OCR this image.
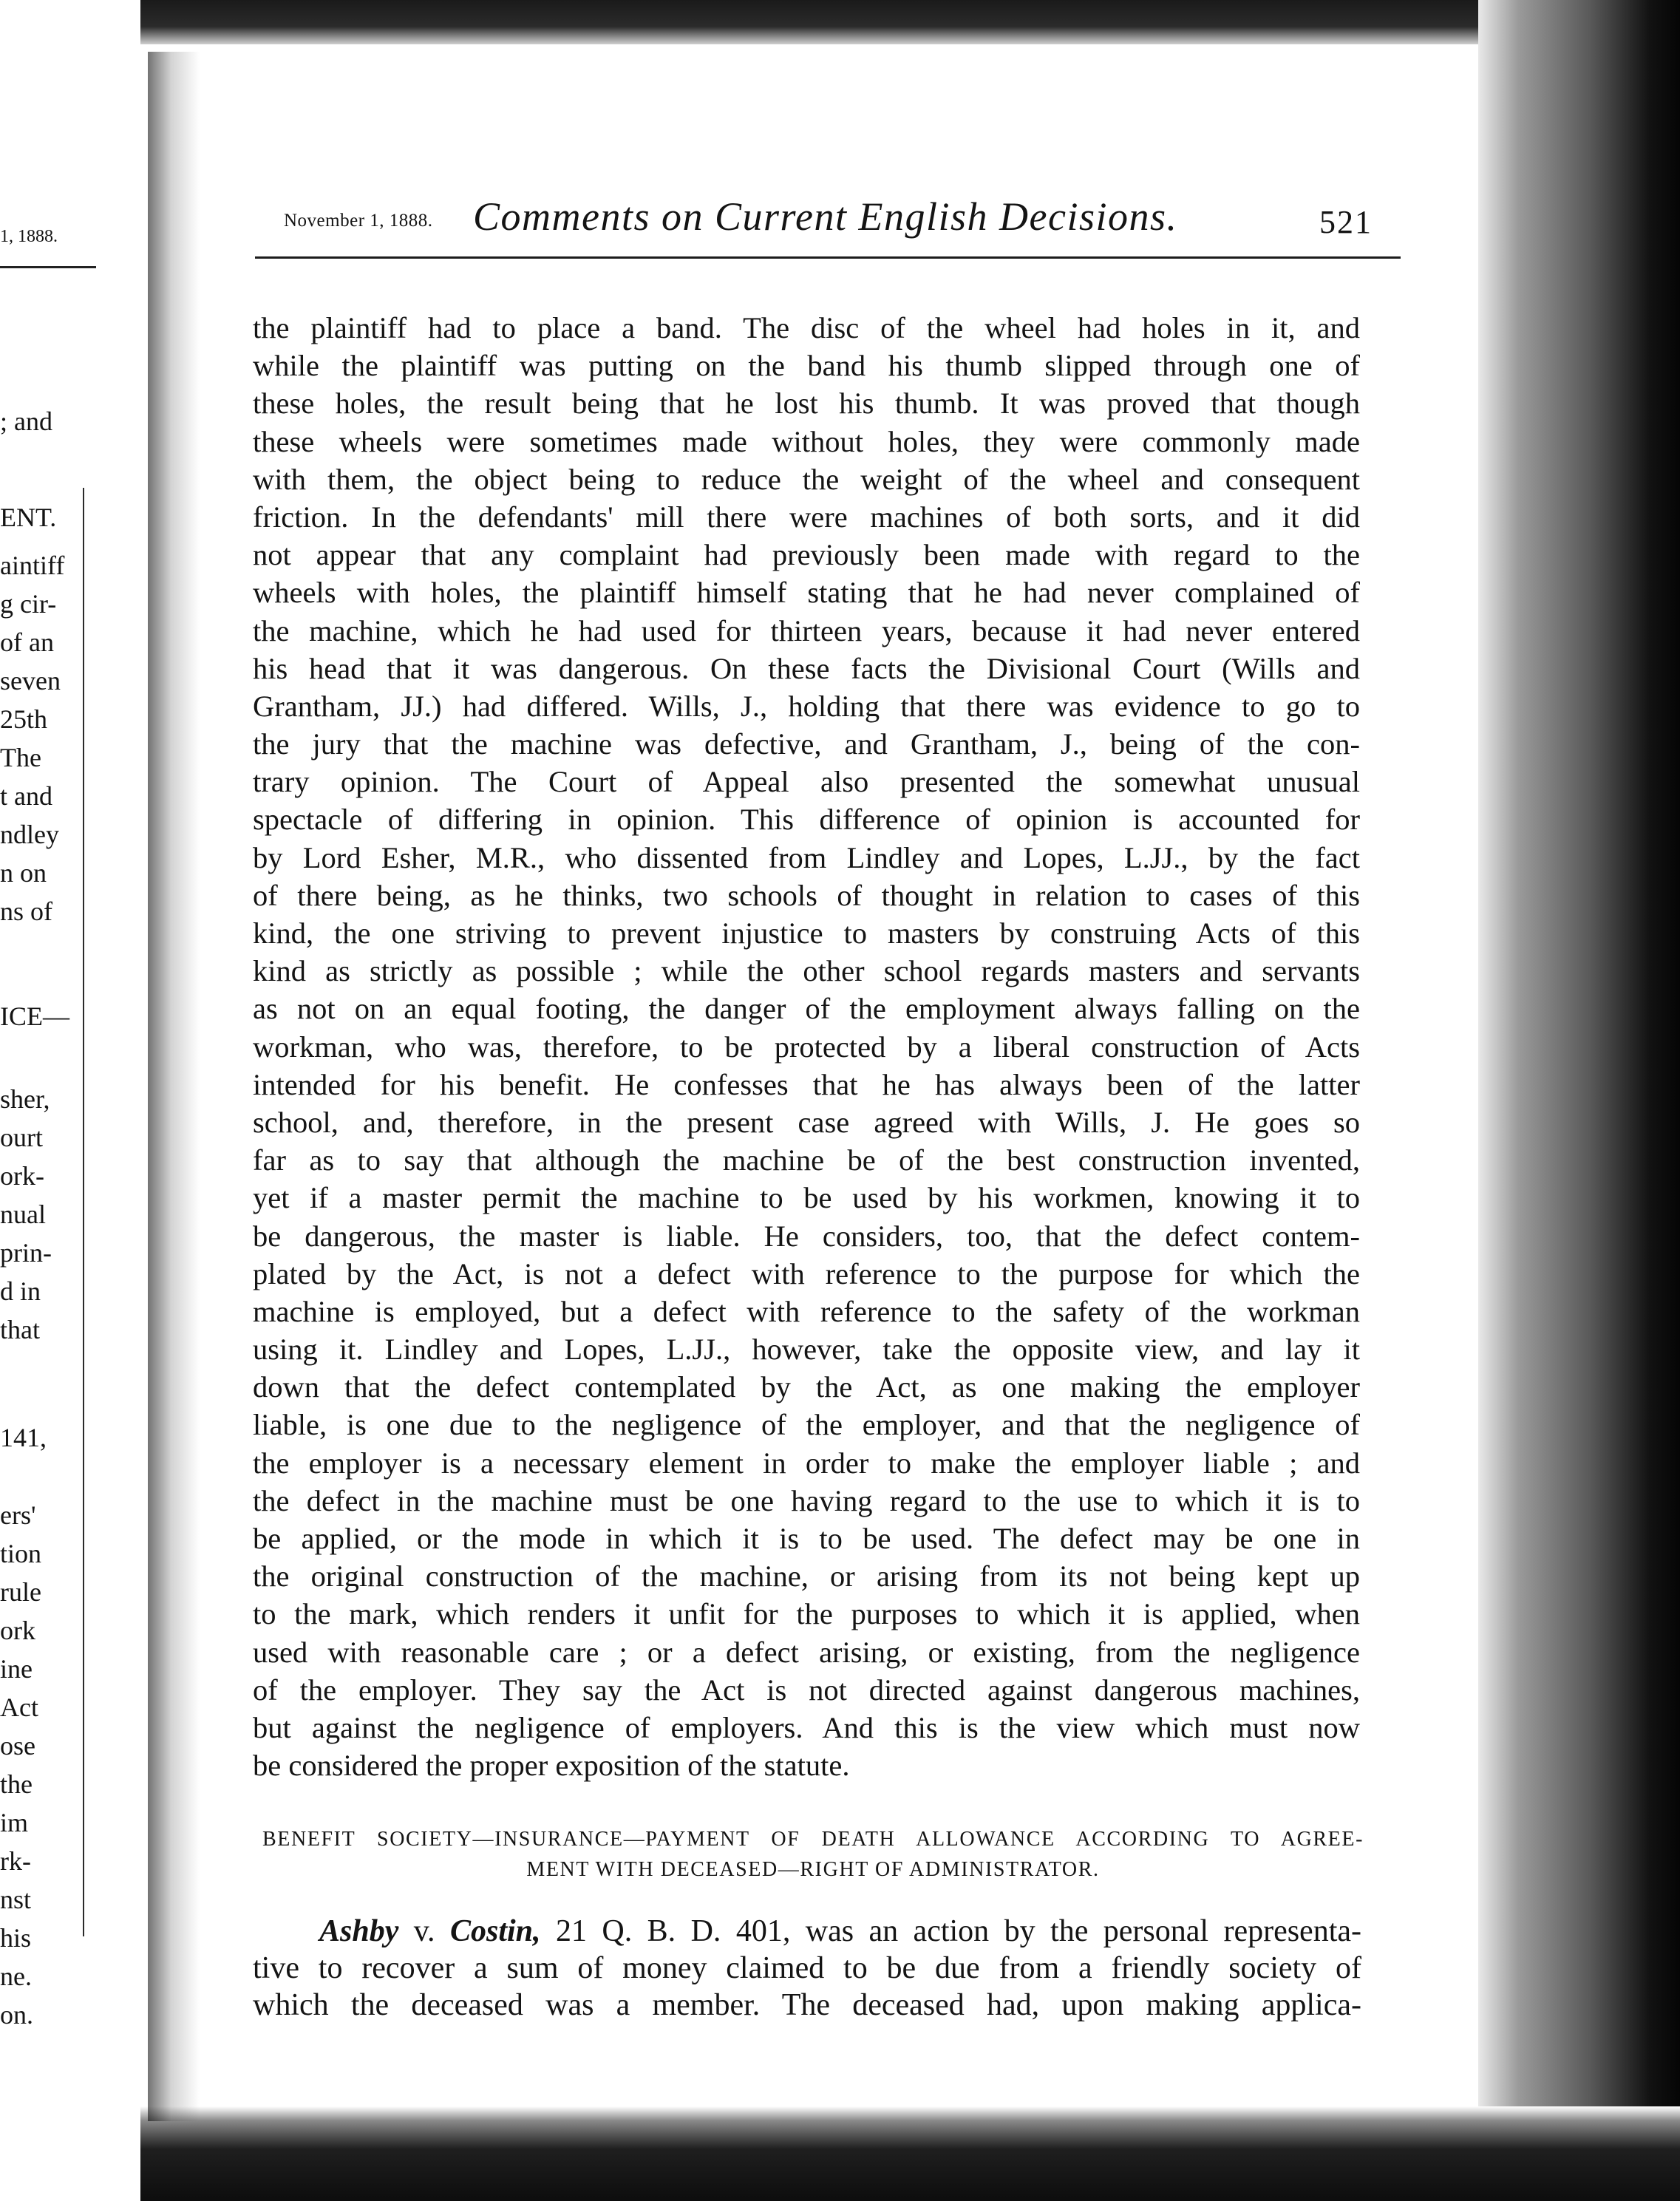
1, 1888.
; and
ENT.
aintiff
g cir-
of an
seven
25th
The
t and
ndley
n on
ns of
ICE—
sher,
ourt
ork-
nual
prin-
d in
that
141,
ers'
tion
rule
ork
ine
Act
ose
the
im
rk-
nst
his
ne.
on.
November 1, 1888. Comments on Current English Decisions.	521
the plaintiff had to place a band. The disc of the wheel had holes in it, and
while the plaintiff was putting on the band his thumb slipped through one of
these holes, the result being that he lost his thumb. It was proved that though
these wheels were sometimes made without holes, they were commonly made
with them, the object being to reduce the weight of the wheel and consequent
friction. In the defendants' mill there were machines of both sorts, and it did
not appear that any complaint had previously been made with regard to the
wheels with holes, the plaintiff himself stating that he had never complained of
the machine, which he had used for thirteen years, because it had never entered
his head that it was dangerous. On these facts the Divisional Court (Wills and
Grantham, JJ.) had differed. Wills, J., holding that there was evidence to go to
the jury that the machine was defective, and Grantham, J., being of the con-
trary opinion. The Court of Appeal also presented the somewhat unusual
spectacle of differing in opinion. This difference of opinion is accounted for
by Lord Esher, M.R., who dissented from Lindley and Lopes, L.JJ., by the fact
of there being, as he thinks, two schools of thought in relation to cases of this
kind, the one striving to prevent injustice to masters by construing Acts of this
kind as strictly as possible ; while the other school regards masters and servants
as not on an equal footing, the danger of the employment always falling on the
workman, who was, therefore, to be protected by a liberal construction of Acts
intended for his benefit. He confesses that he has always been of the latter
school, and, therefore, in the present case agreed with Wills, J. He goes so
far as to say that although the machine be of the best construction invented,
yet if a master permit the machine to be used by his workmen, knowing it to
be dangerous, the master is liable. He considers, too, that the defect contem-
plated by the Act, is not a defect with reference to the purpose for which the
machine is employed, but a defect with reference to the safety of the workman
using it. Lindley and Lopes, L.JJ., however, take the opposite view, and lay it
down that the defect contemplated by the Act, as one making the employer
liable, is one due to the negligence of the employer, and that the negligence of
the employer is a necessary element in order to make the employer liable ; and
the defect in the machine must be one having regard to the use to which it is to
be applied, or the mode in which it is to be used. The defect may be one in
the original construction of the machine, or arising from its not being kept up
to the mark, which renders it unfit for the purposes to which it is applied, when
used with reasonable care ; or a defect arising, or existing, from the negligence
of the employer. They say the Act is not directed against dangerous machines,
but against the negligence of employers. And this is the view which must now
be considered the proper exposition of the statute.
BENEFIT SOCIETY—INSURANCE—PAYMENT OF DEATH ALLOWANCE ACCORDING TO AGREE-
MENT WITH DECEASED—RIGHT OF ADMINISTRATOR.
Ashby v. Costin, 21 Q. B. D. 401, was an action by the personal representa-
tive to recover a sum of money claimed to be due from a friendly society of
which the deceased was a member. The deceased had, upon making applica-
